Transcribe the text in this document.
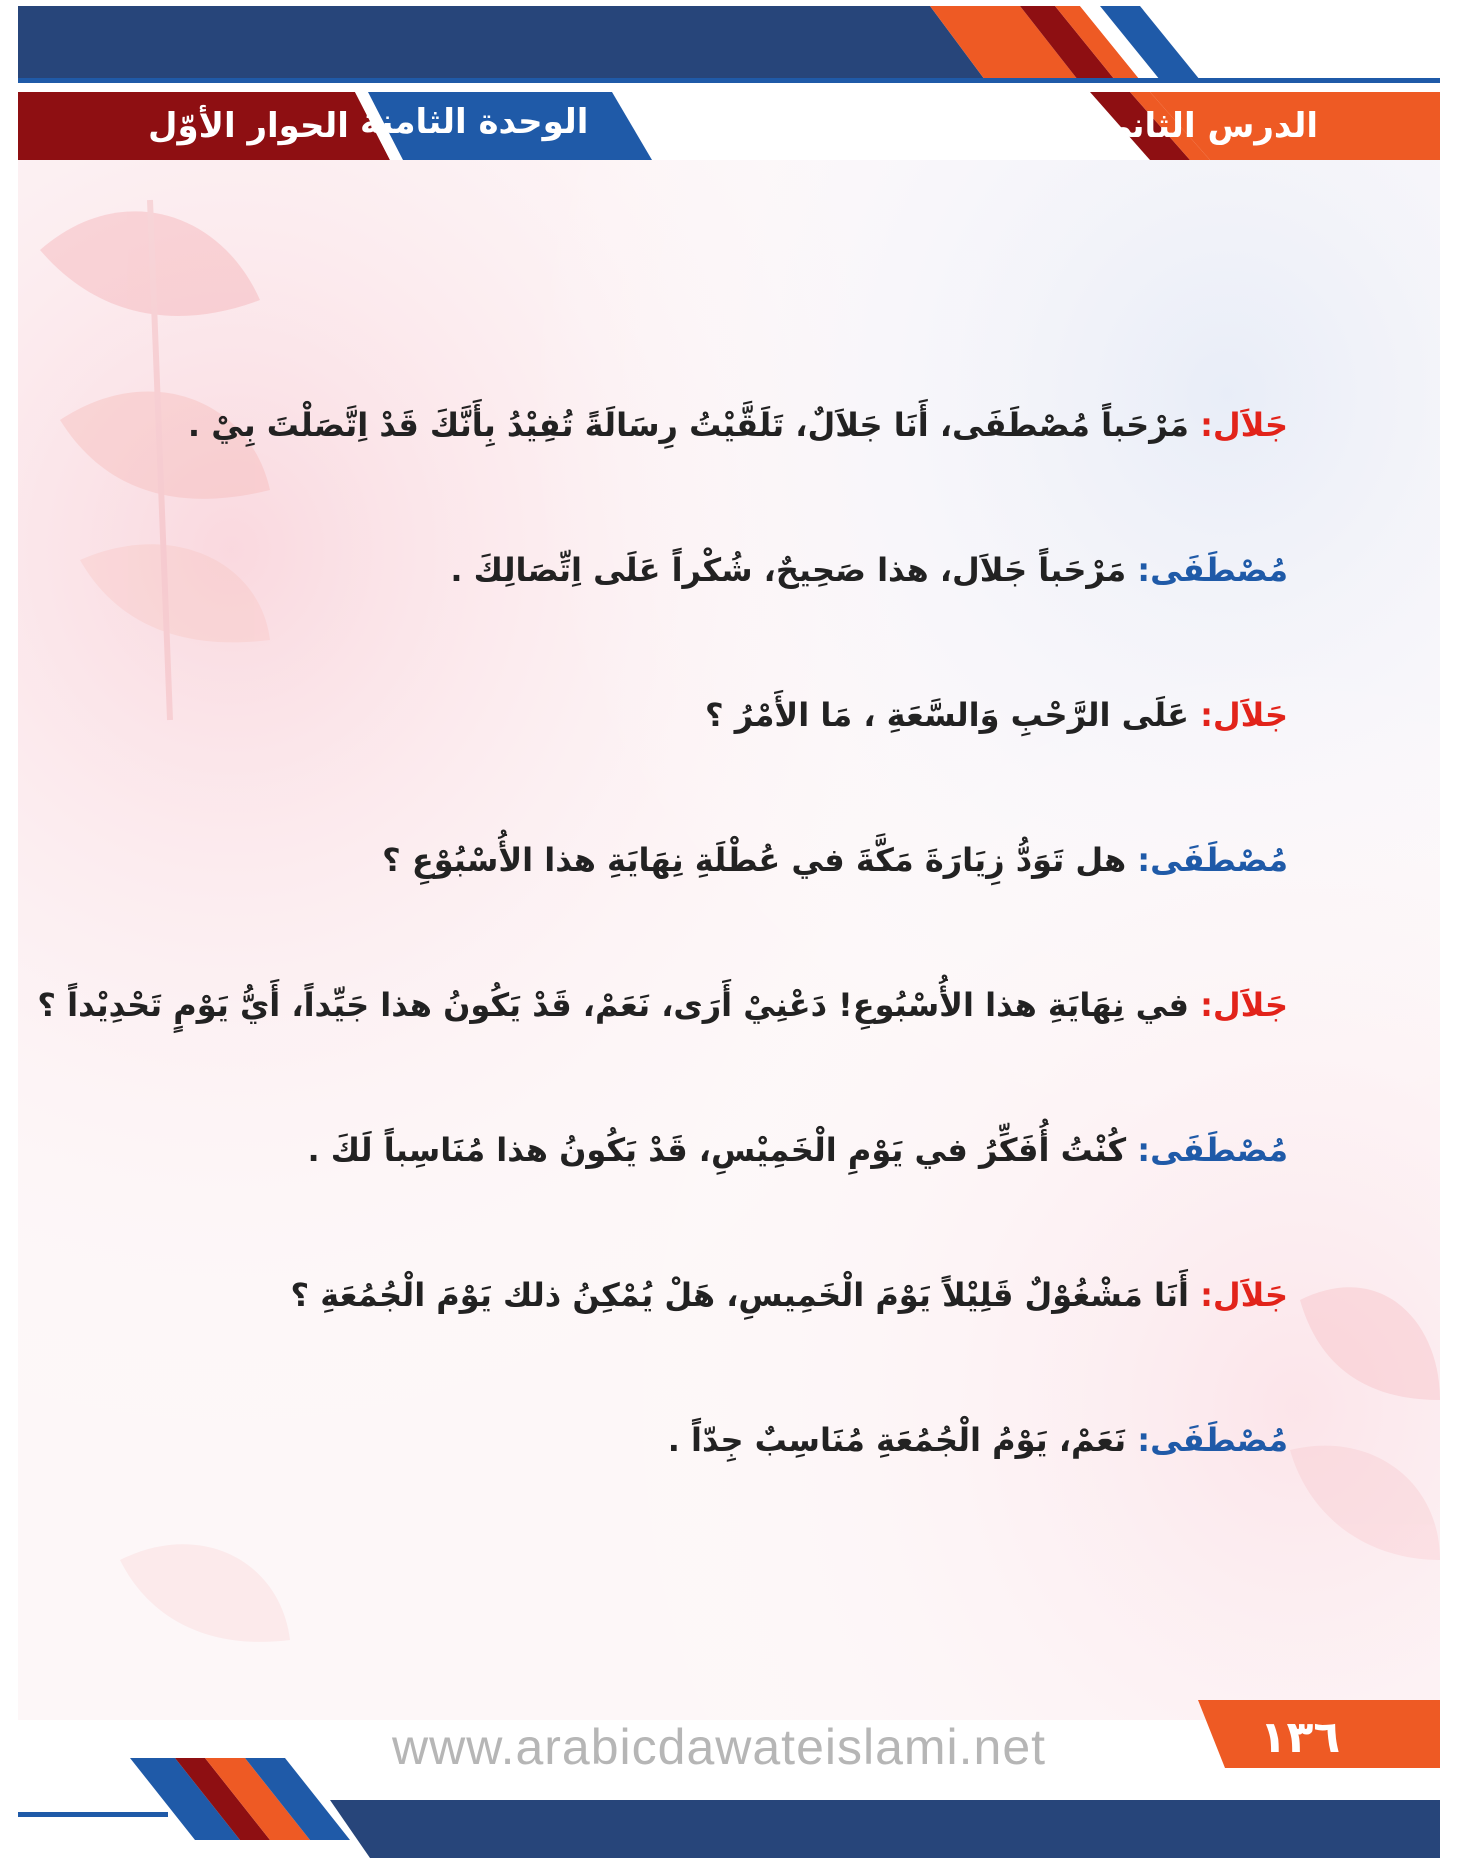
الدرس الثاني
الوحدة الثامنة
الحوار الأوّل
جَلاَل: مَرْحَباً مُصْطَفَى، أَنَا جَلاَلٌ، تَلَقَّيْتُ رِسَالَةً تُفِيْدُ بِأَنَّكَ قَدْ اِتَّصَلْتَ بِيْ .
مُصْطَفَى: مَرْحَباً جَلاَل، هذا صَحِيحٌ، شُكْراً عَلَى اِتِّصَالِكَ .
جَلاَل: عَلَى الرَّحْبِ وَالسَّعَةِ ، مَا الأَمْرُ ؟
مُصْطَفَى: هل تَوَدُّ زِيَارَةَ مَكَّةَ في عُطْلَةِ نِهَايَةِ هذا الأُسْبُوْعِ ؟
جَلاَل: في نِهَايَةِ هذا الأُسْبُوعِ! دَعْنِيْ أَرَى، نَعَمْ، قَدْ يَكُونُ هذا جَيِّداً، أَيُّ يَوْمٍ تَحْدِيْداً ؟
مُصْطَفَى: كُنْتُ أُفَكِّرُ في يَوْمِ الْخَمِيْسِ، قَدْ يَكُونُ هذا مُنَاسِباً لَكَ .
جَلاَل: أَنَا مَشْغُوْلٌ قَلِيْلاً يَوْمَ الْخَمِيسِ، هَلْ يُمْكِنُ ذلك يَوْمَ الْجُمُعَةِ ؟
مُصْطَفَى: نَعَمْ، يَوْمُ الْجُمُعَةِ مُنَاسِبٌ جِدّاً .
www.arabicdawateislami.net	١٣٦
